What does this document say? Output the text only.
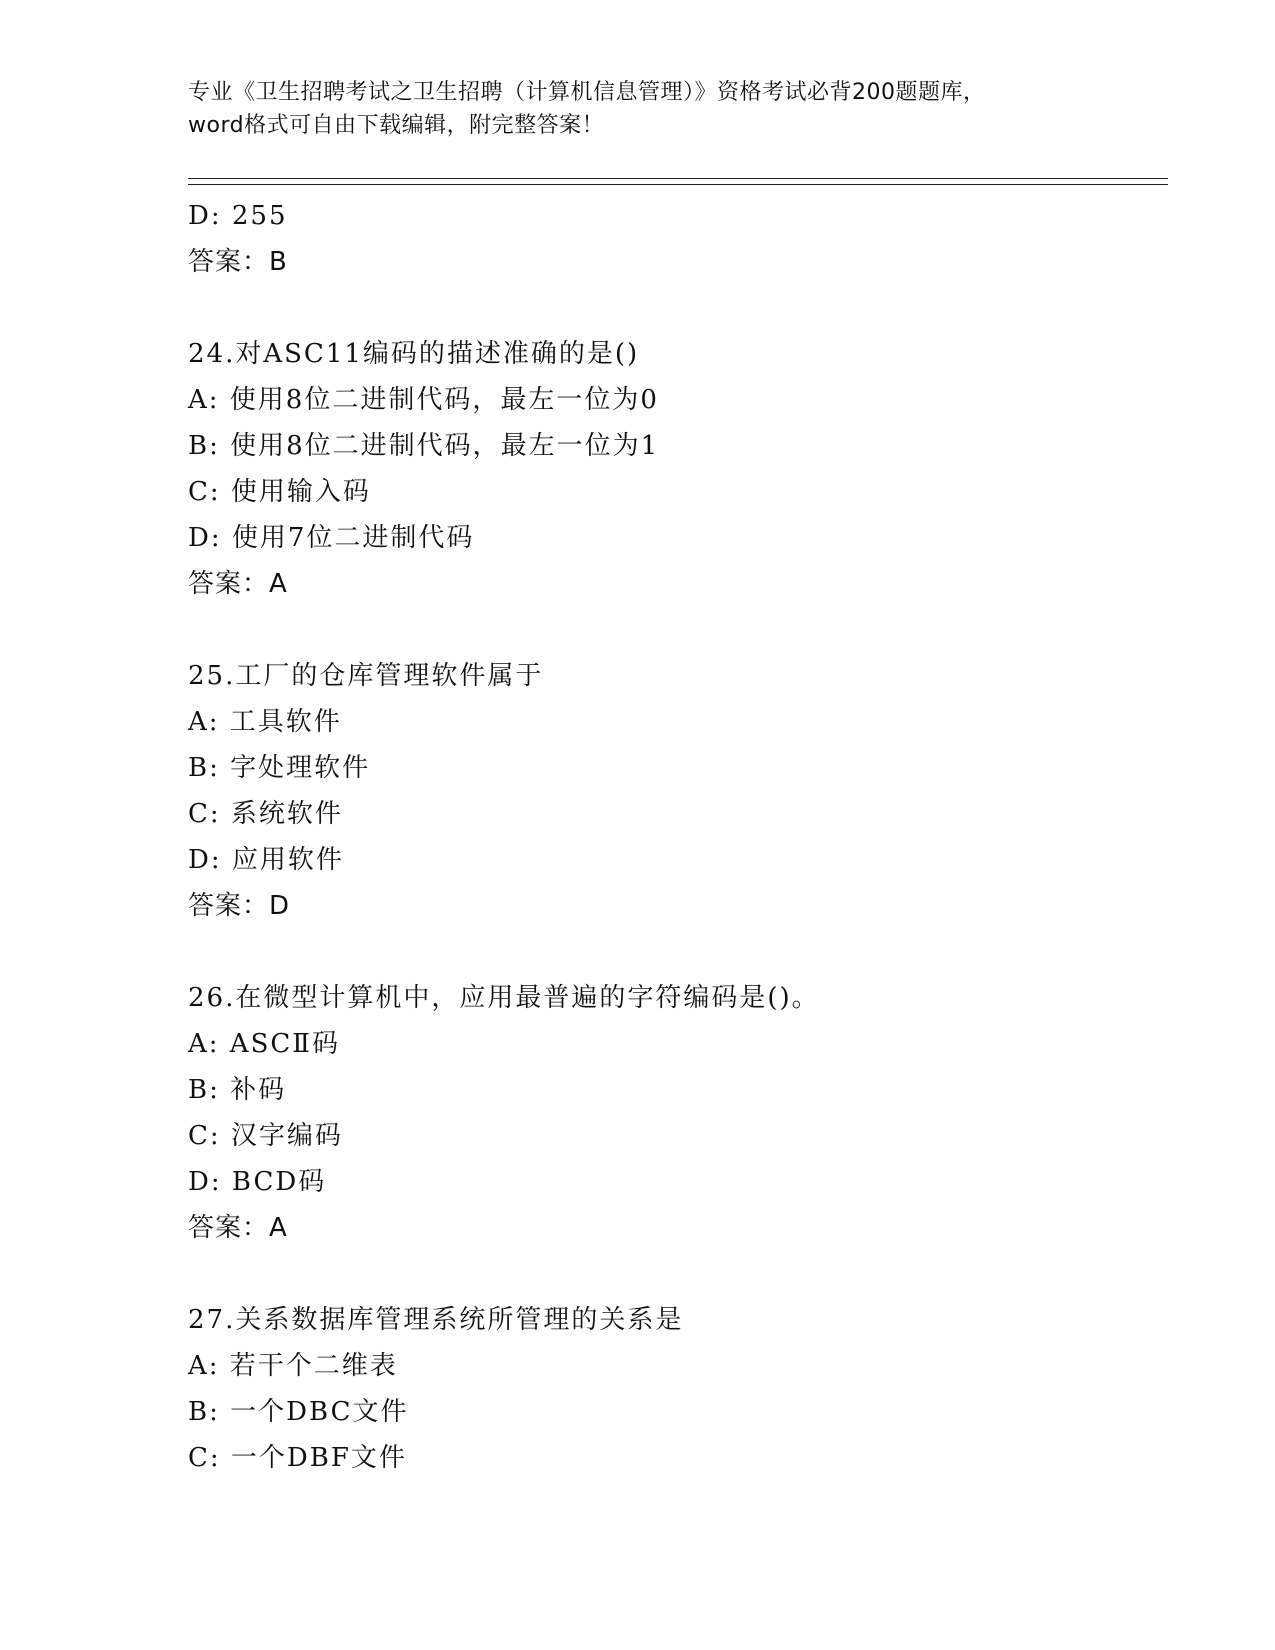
专业《卫生招聘考试之卫生招聘（计算机信息管理）》资格考试必背200题题库，
word格式可自由下载编辑，附完整答案！
D: 255
答案：B
24.对ASC11编码的描述准确的是()
A: 使用8位二进制代码，最左一位为0
B: 使用8位二进制代码，最左一位为1
C: 使用输入码
D: 使用7位二进制代码
答案：A
25.工厂的仓库管理软件属于
A: 工具软件
B: 字处理软件
C: 系统软件
D: 应用软件
答案：D
26.在微型计算机中，应用最普遍的字符编码是()。
A: ASCⅡ码
B: 补码
C: 汉字编码
D: BCD码
答案：A
27.关系数据库管理系统所管理的关系是
A: 若干个二维表
B: 一个DBC文件
C: 一个DBF文件
